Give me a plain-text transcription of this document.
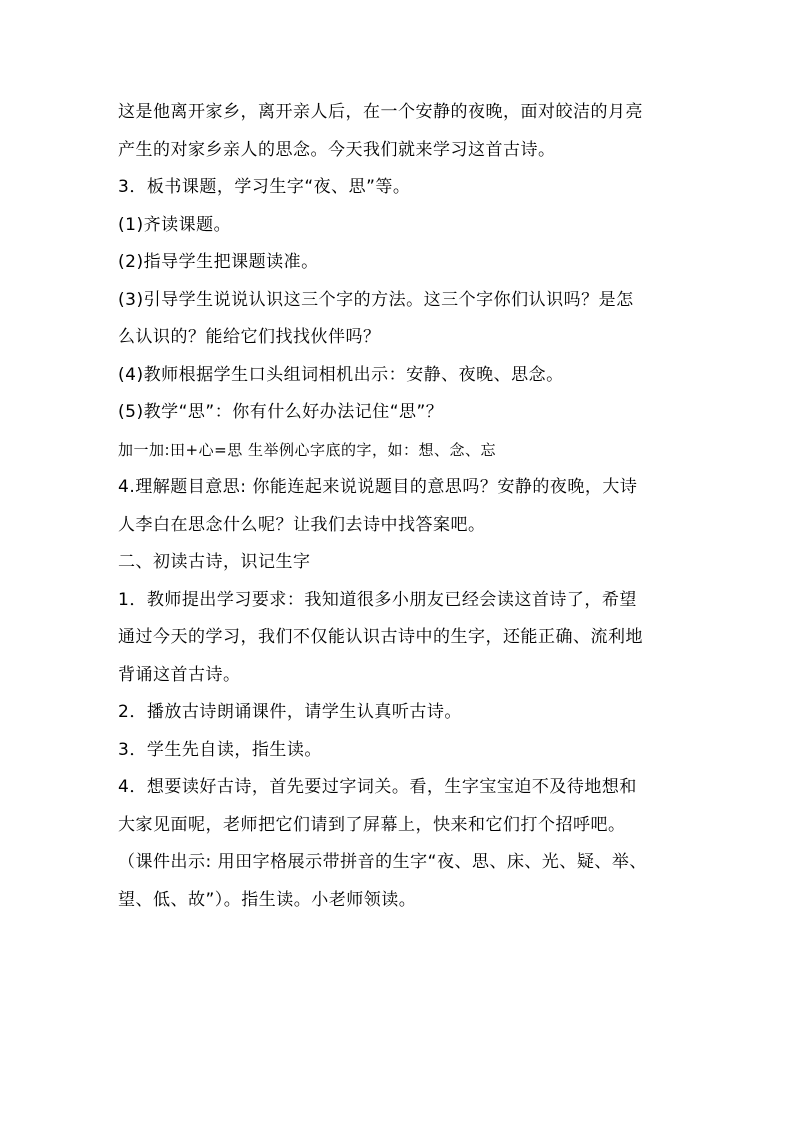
这是他离开家乡，离开亲人后，在一个安静的夜晚，面对皎洁的月亮
产生的对家乡亲人的思念。今天我们就来学习这首古诗。
3．板书课题，学习生字“夜、思”等。
(1)齐读课题。
(2)指导学生把课题读准。
(3)引导学生说说认识这三个字的方法。这三个字你们认识吗？是怎
么认识的？能给它们找找伙伴吗？
(4)教师根据学生口头组词相机出示：安静、夜晚、思念。
(5)教学“思”：你有什么好办法记住“思”？
加一加:田+心=思 生举例心字底的字，如：想、念、忘
4.理解题目意思: 你能连起来说说题目的意思吗？安静的夜晚，大诗
人李白在思念什么呢？让我们去诗中找答案吧。
二、初读古诗，识记生字
1．教师提出学习要求：我知道很多小朋友已经会读这首诗了，希望
通过今天的学习，我们不仅能认识古诗中的生字，还能正确、流利地
背诵这首古诗。
2．播放古诗朗诵课件，请学生认真听古诗。
3．学生先自读，指生读。
4．想要读好古诗，首先要过字词关。看，生字宝宝迫不及待地想和
大家见面呢，老师把它们请到了屏幕上，快来和它们打个招呼吧。
（课件出示: 用田字格展示带拼音的生字“夜、思、床、光、疑、举、
望、低、故”）。指生读。小老师领读。
